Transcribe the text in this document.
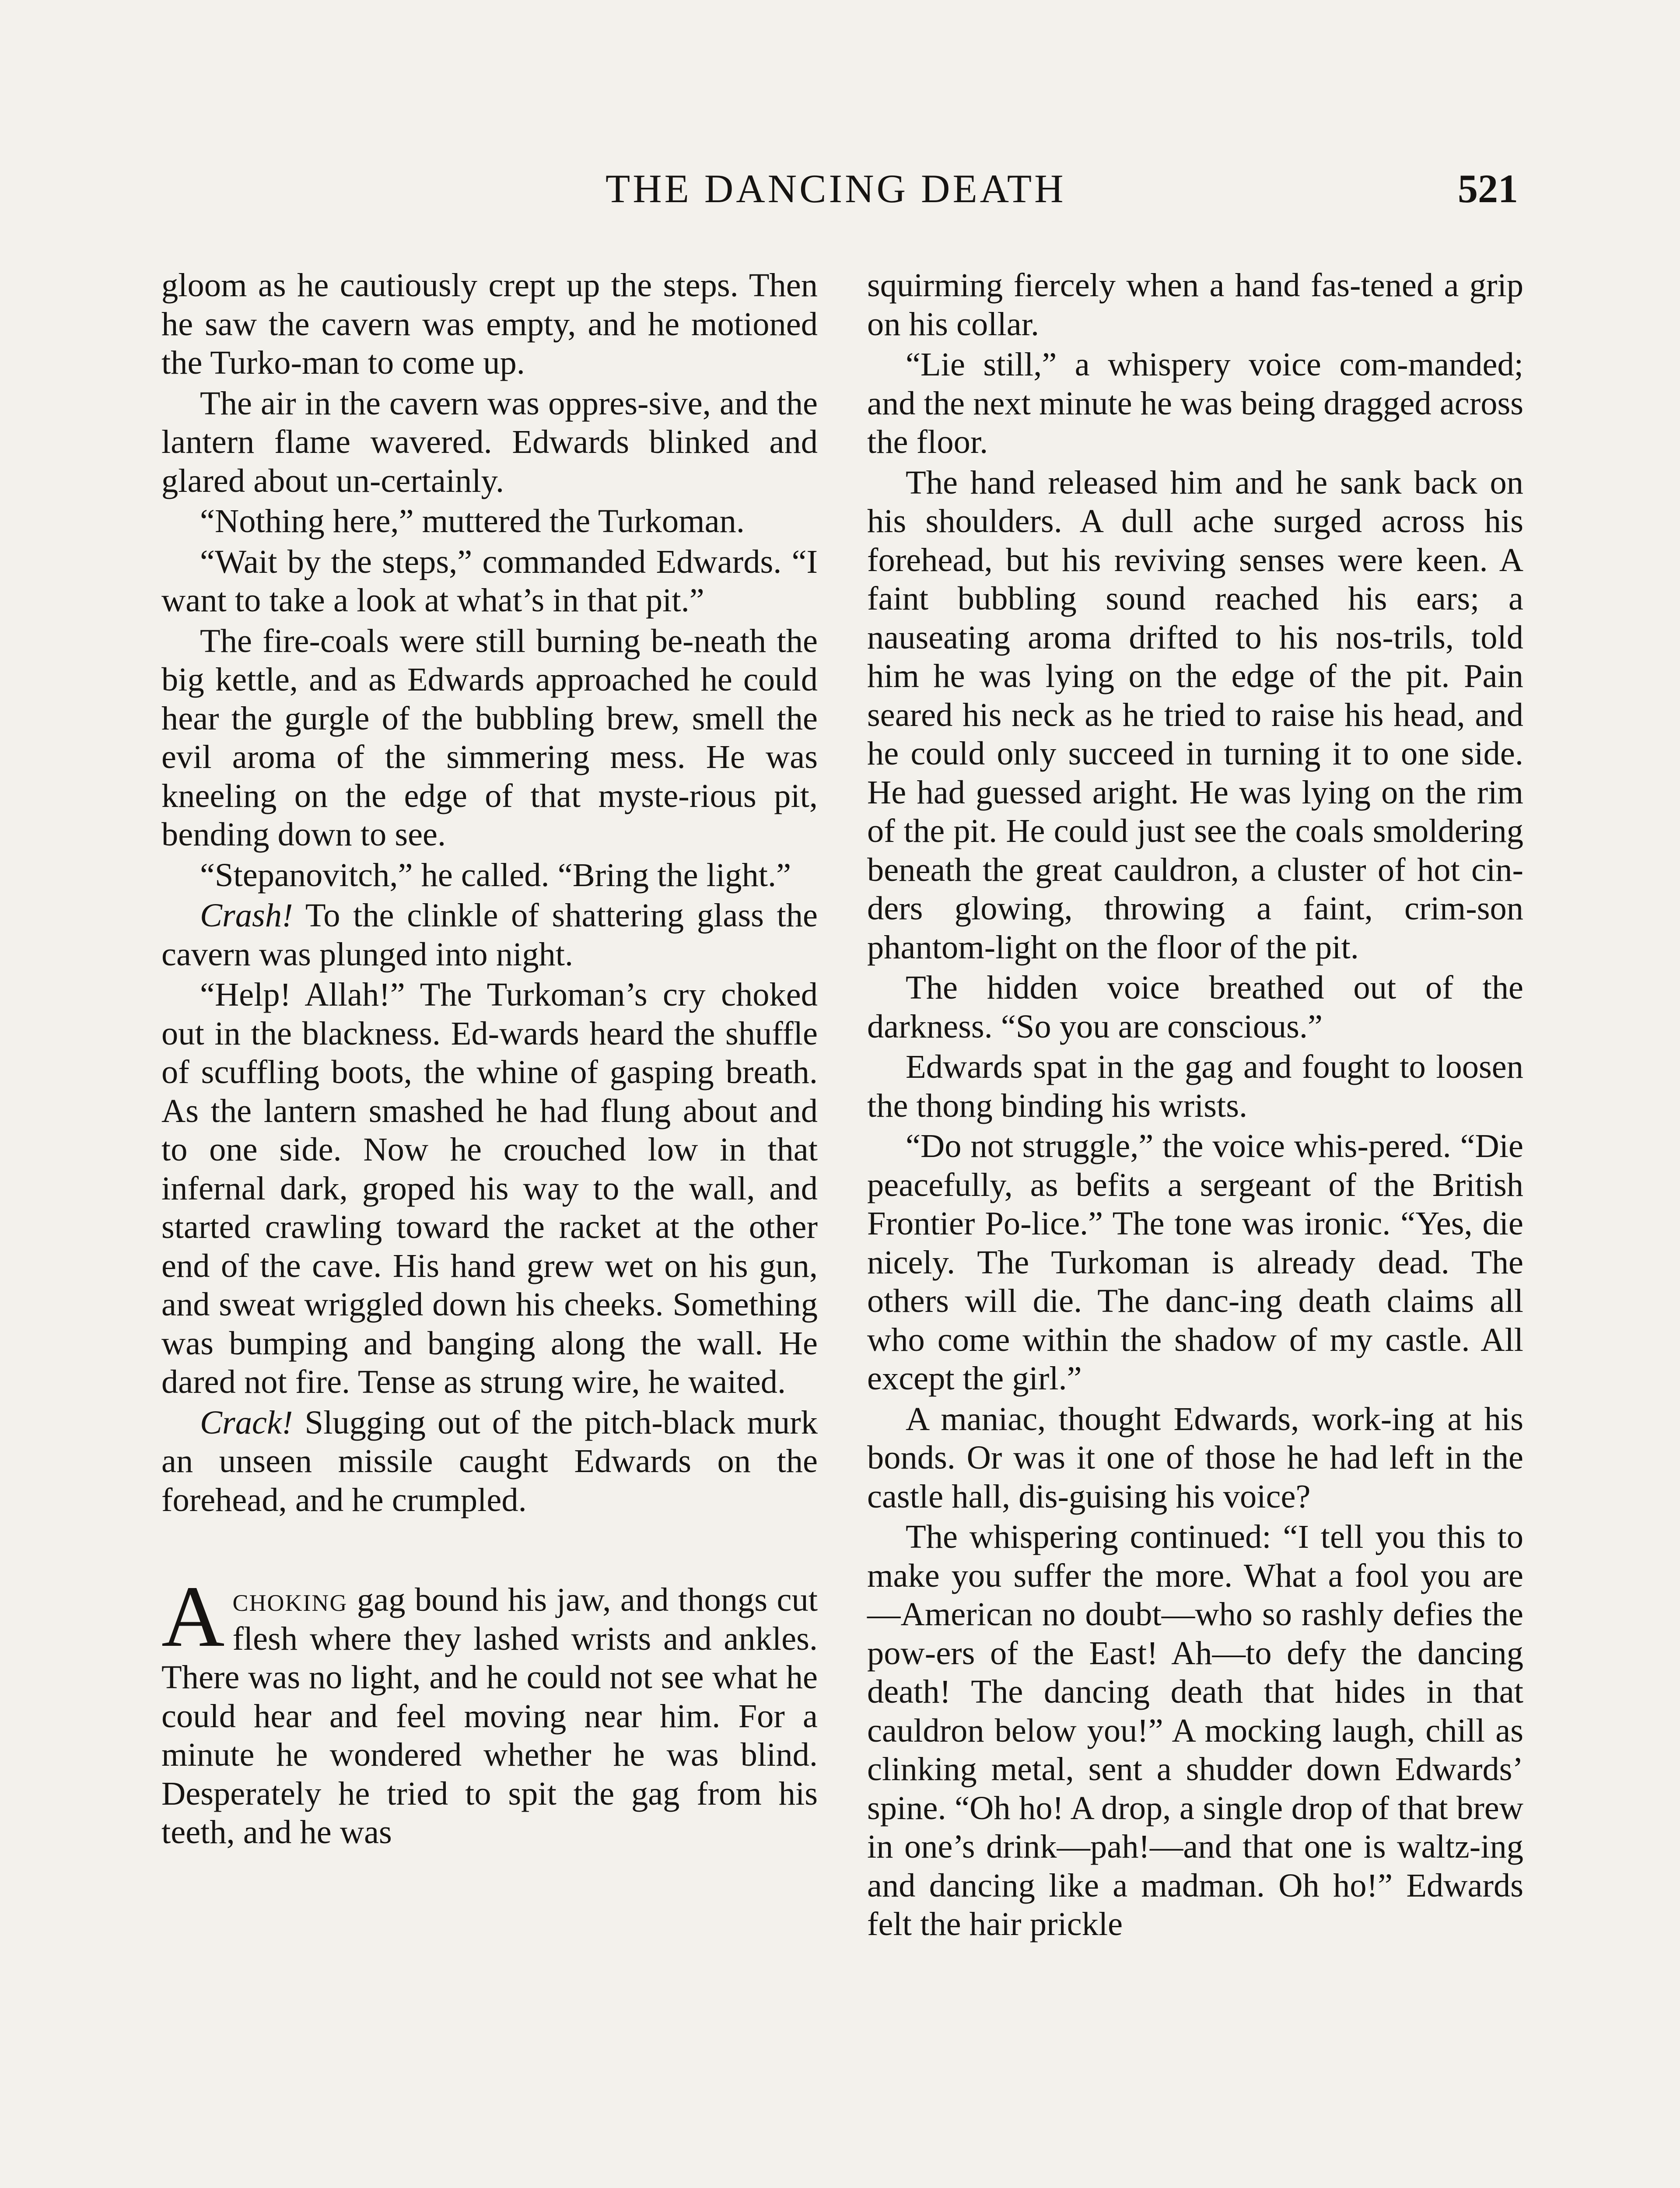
THE DANCING DEATH	521

gloom as he cautiously crept up the steps. Then he saw the cavern was empty, and he motioned the Turko-man to come up.

The air in the cavern was oppres-sive, and the lantern flame wavered. Edwards blinked and glared about un-certainly.

“Nothing here,” muttered the Turkoman.

“Wait by the steps,” commanded Edwards. “I want to take a look at what’s in that pit.”

The fire-coals were still burning be-neath the big kettle, and as Edwards approached he could hear the gurgle of the bubbling brew, smell the evil aroma of the simmering mess. He was kneeling on the edge of that myste-rious pit, bending down to see.

“Stepanovitch,” he called. “Bring the light.”

Crash! To the clinkle of shattering glass the cavern was plunged into night.

“Help! Allah!” The Turkoman’s cry choked out in the blackness. Ed-wards heard the shuffle of scuffling boots, the whine of gasping breath. As the lantern smashed he had flung about and to one side. Now he crouched low in that infernal dark, groped his way to the wall, and started crawling toward the racket at the other end of the cave. His hand grew wet on his gun, and sweat wriggled down his cheeks. Something was bumping and banging along the wall. He dared not fire. Tense as strung wire, he waited.

Crack! Slugging out of the pitch-black murk an unseen missile caught Edwards on the forehead, and he crumpled.

Achoking gag bound his jaw, and thongs cut flesh where they lashed wrists and ankles. There was no light, and he could not see what he could hear and feel moving near him. For a minute he wondered whether he was blind. Desperately he tried to spit the gag from his teeth, and he was

squirming fiercely when a hand fas-tened a grip on his collar.

“Lie still,” a whispery voice com-manded; and the next minute he was being dragged across the floor.

The hand released him and he sank back on his shoulders. A dull ache surged across his forehead, but his reviving senses were keen. A faint bubbling sound reached his ears; a nauseating aroma drifted to his nos-trils, told him he was lying on the edge of the pit. Pain seared his neck as he tried to raise his head, and he could only succeed in turning it to one side. He had guessed aright. He was lying on the rim of the pit. He could just see the coals smoldering beneath the great cauldron, a cluster of hot cin-ders glowing, throwing a faint, crim-son phantom-light on the floor of the pit.

The hidden voice breathed out of the darkness. “So you are conscious.”

Edwards spat in the gag and fought to loosen the thong binding his wrists.

“Do not struggle,” the voice whis-pered. “Die peacefully, as befits a sergeant of the British Frontier Po-lice.” The tone was ironic. “Yes, die nicely. The Turkoman is already dead. The others will die. The danc-ing death claims all who come within the shadow of my castle. All except the girl.”

A maniac, thought Edwards, work-ing at his bonds. Or was it one of those he had left in the castle hall, dis-guising his voice?

The whispering continued: “I tell you this to make you suffer the more. What a fool you are—American no doubt—who so rashly defies the pow-ers of the East! Ah—to defy the dancing death! The dancing death that hides in that cauldron below you!” A mocking laugh, chill as clinking metal, sent a shudder down Edwards’ spine. “Oh ho! A drop, a single drop of that brew in one’s drink—pah!—and that one is waltz-ing and dancing like a madman. Oh ho!” Edwards felt the hair prickle
